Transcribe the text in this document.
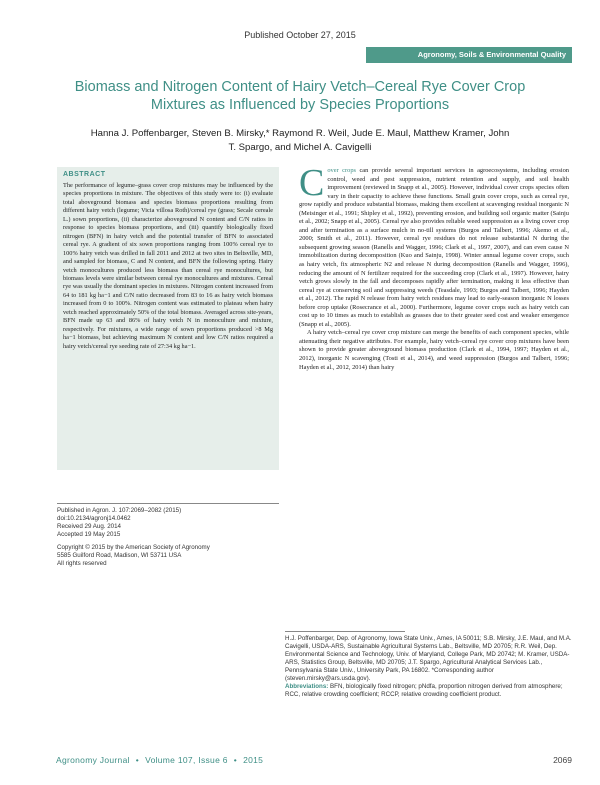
Published October 27, 2015
Agronomy, Soils & Environmental Quality
Biomass and Nitrogen Content of Hairy Vetch–Cereal Rye Cover Crop Mixtures as Influenced by Species Proportions
Hanna J. Poffenbarger, Steven B. Mirsky,* Raymond R. Weil, Jude E. Maul, Matthew Kramer, John T. Spargo, and Michel A. Cavigelli
ABSTRACT
The performance of legume–grass cover crop mixtures may be influenced by the species proportions in mixture. The objectives of this study were to: (i) evaluate total aboveground biomass and species biomass proportions resulting from different hairy vetch (legume; Vicia villosa Roth)/cereal rye (grass; Secale cereale L.) sown proportions, (ii) characterize aboveground N content and C/N ratios in response to species biomass proportions, and (iii) quantify biologically fixed nitrogen (BFN) in hairy vetch and the potential transfer of BFN to associated cereal rye. A gradient of six sown proportions ranging from 100% cereal rye to 100% hairy vetch was drilled in fall 2011 and 2012 at two sites in Beltsville, MD, and sampled for biomass, C and N content, and BFN the following spring. Hairy vetch monocultures produced less biomass than cereal rye monocultures, but biomass levels were similar between cereal rye monocultures and mixtures. Cereal rye was usually the dominant species in mixtures. Nitrogen content increased from 64 to 181 kg ha−1 and C/N ratio decreased from 83 to 16 as hairy vetch biomass increased from 0 to 100%. Nitrogen content was estimated to plateau when hairy vetch reached approximately 50% of the total biomass. Averaged across site-years, BFN made up 63 and 86% of hairy vetch N in monoculture and mixture, respectively. For mixtures, a wide range of sown proportions produced >8 Mg ha−1 biomass, but achieving maximum N content and low C/N ratios required a hairy vetch/cereal rye seeding rate of 27:34 kg ha−1.
Published in Agron. J. 107:2069–2082 (2015)
doi:10.2134/agronj14.0462
Received 29 Aug. 2014
Accepted 19 May 2015
Copyright © 2015 by the American Society of Agronomy
5585 Guilford Road, Madison, WI 53711 USA
All rights reserved

Cover crops can provide several important services in agroecosystems, including erosion control, weed and pest suppression, nutrient retention and supply, and soil health improvement (reviewed in Snapp et al., 2005). However, individual cover crops species often vary in their capacity to achieve these functions. Small grain cover crops, such as cereal rye, grow rapidly and produce substantial biomass, making them excellent at scavenging residual inorganic N (Meisinger et al., 1991; Shipley et al., 1992), preventing erosion, and building soil organic matter (Sainju et al., 2002; Snapp et al., 2005). Cereal rye also provides reliable weed suppression as a living cover crop and after termination as a surface mulch in no-till systems (Burgos and Talbert, 1996; Akemo et al., 2000; Smith et al., 2011). However, cereal rye residues do not release substantial N during the subsequent growing season (Ranells and Wagger, 1996; Clark et al., 1997, 2007), and can even cause N immobilization during decomposition (Kuo and Sainju, 1998). Winter annual legume cover crops, such as hairy vetch, fix atmospheric N2 and release N during decomposition (Ranells and Wagger, 1996), reducing the amount of N fertilizer required for the succeeding crop (Clark et al., 1997). However, hairy vetch grows slowly in the fall and decomposes rapidly after termination, making it less effective than cereal rye at conserving soil and suppressing weeds (Teasdale, 1993; Burgos and Talbert, 1996; Hayden et al., 2012). The rapid N release from hairy vetch residues may lead to early-season inorganic N losses before crop uptake (Rosecrance et al., 2000). Furthermore, legume cover crops such as hairy vetch can cost up to 10 times as much to establish as grasses due to their greater seed cost and weaker emergence (Snapp et al., 2005).

A hairy vetch–cereal rye cover crop mixture can merge the benefits of each component species, while attenuating their negative attributes. For example, hairy vetch–cereal rye cover crop mixtures have been shown to provide greater aboveground biomass production (Clark et al., 1994, 1997; Hayden et al., 2012), inorganic N scavenging (Tosti et al., 2014), and weed suppression (Burgos and Talbert, 1996; Hayden et al., 2012, 2014) than hairy

H.J. Poffenbarger, Dep. of Agronomy, Iowa State Univ., Ames, IA 50011; S.B. Mirsky, J.E. Maul, and M.A. Cavigelli, USDA-ARS, Sustainable Agricultural Systems Lab., Beltsville, MD 20705; R.R. Weil, Dep. Environmental Science and Technology, Univ. of Maryland, College Park, MD 20742; M. Kramer, USDA-ARS, Statistics Group, Beltsville, MD 20705; J.T. Spargo, Agricultural Analytical Services Lab., Pennsylvania State Univ., University Park, PA 16802. *Corresponding author (steven.mirsky@ars.usda.gov).
Abbreviations: BFN, biologically fixed nitrogen; pNdfa, proportion nitrogen derived from atmosphere; RCC, relative crowding coefficient; RCCP, relative crowding coefficient product.
Agronomy Journal • Volume 107, Issue 6 • 2015	2069
